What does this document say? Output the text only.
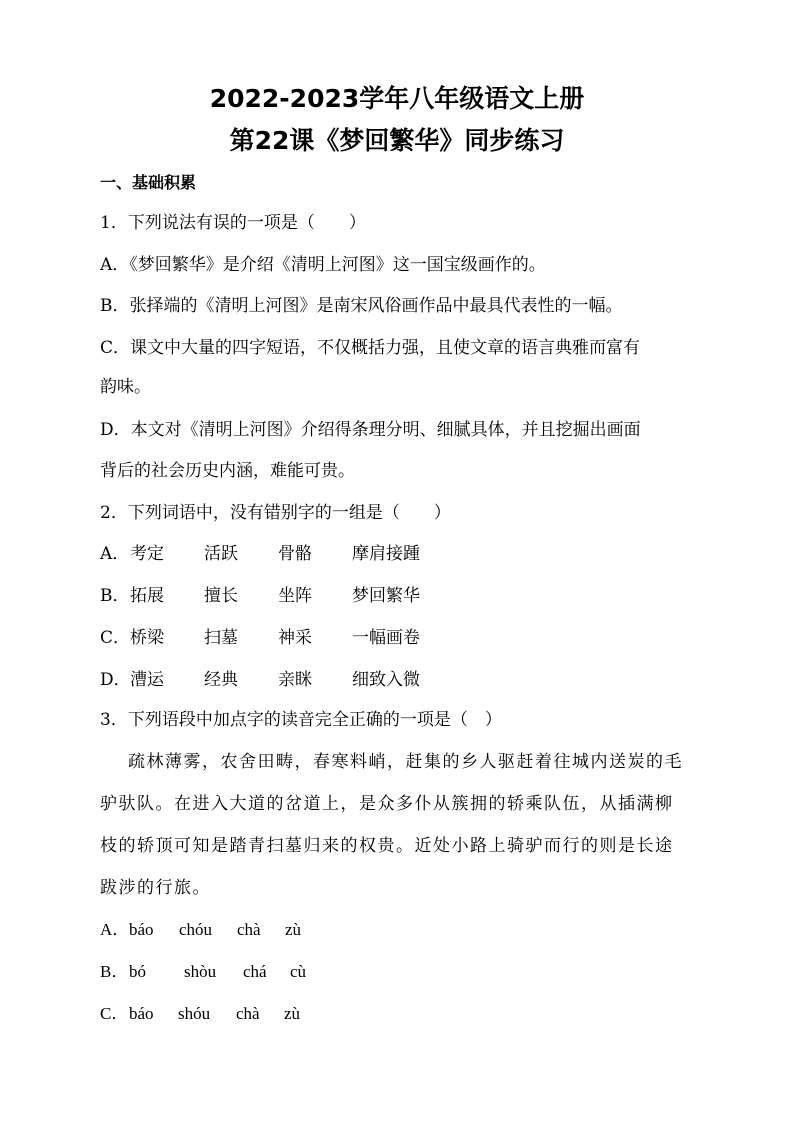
2022-2023学年八年级语文上册
第22课《梦回繁华》同步练习
一、基础积累
1．下列说法有误的一项是（　　）
A．《梦回繁华》是介绍《清明上河图》这一国宝级画作的。
B．张择端的《清明上河图》是南宋风俗画作品中最具代表性的一幅。
C．课文中大量的四字短语，不仅概括力强，且使文章的语言典雅而富有
韵味。
D．本文对《清明上河图》介绍得条理分明、细腻具体，并且挖掘出画面
背后的社会历史内涵，难能可贵。
2．下列词语中，没有错别字的一组是（　　）
A． 考定 活跃 骨骼 摩肩接踵
B． 拓展 擅长 坐阵 梦回繁华
C． 桥梁 扫墓 神采 一幅画卷
D． 漕运 经典 亲眯 细致入微
3．下列语段中加点字的读音完全正确的一项是（　）
疏林薄雾，农舍田畴，春寒料峭，赶集的乡人驱赶着往城内送炭的毛
驴驮队。在进入大道的岔道上，是众多仆从簇拥的轿乘队伍，从插满柳
枝的轿顶可知是踏青扫墓归来的权贵。近处小路上骑驴而行的则是长途
跋涉的行旅。
A． báo chóu chà zù
B． bó shòu chá cù
C． báo shóu chà zù
